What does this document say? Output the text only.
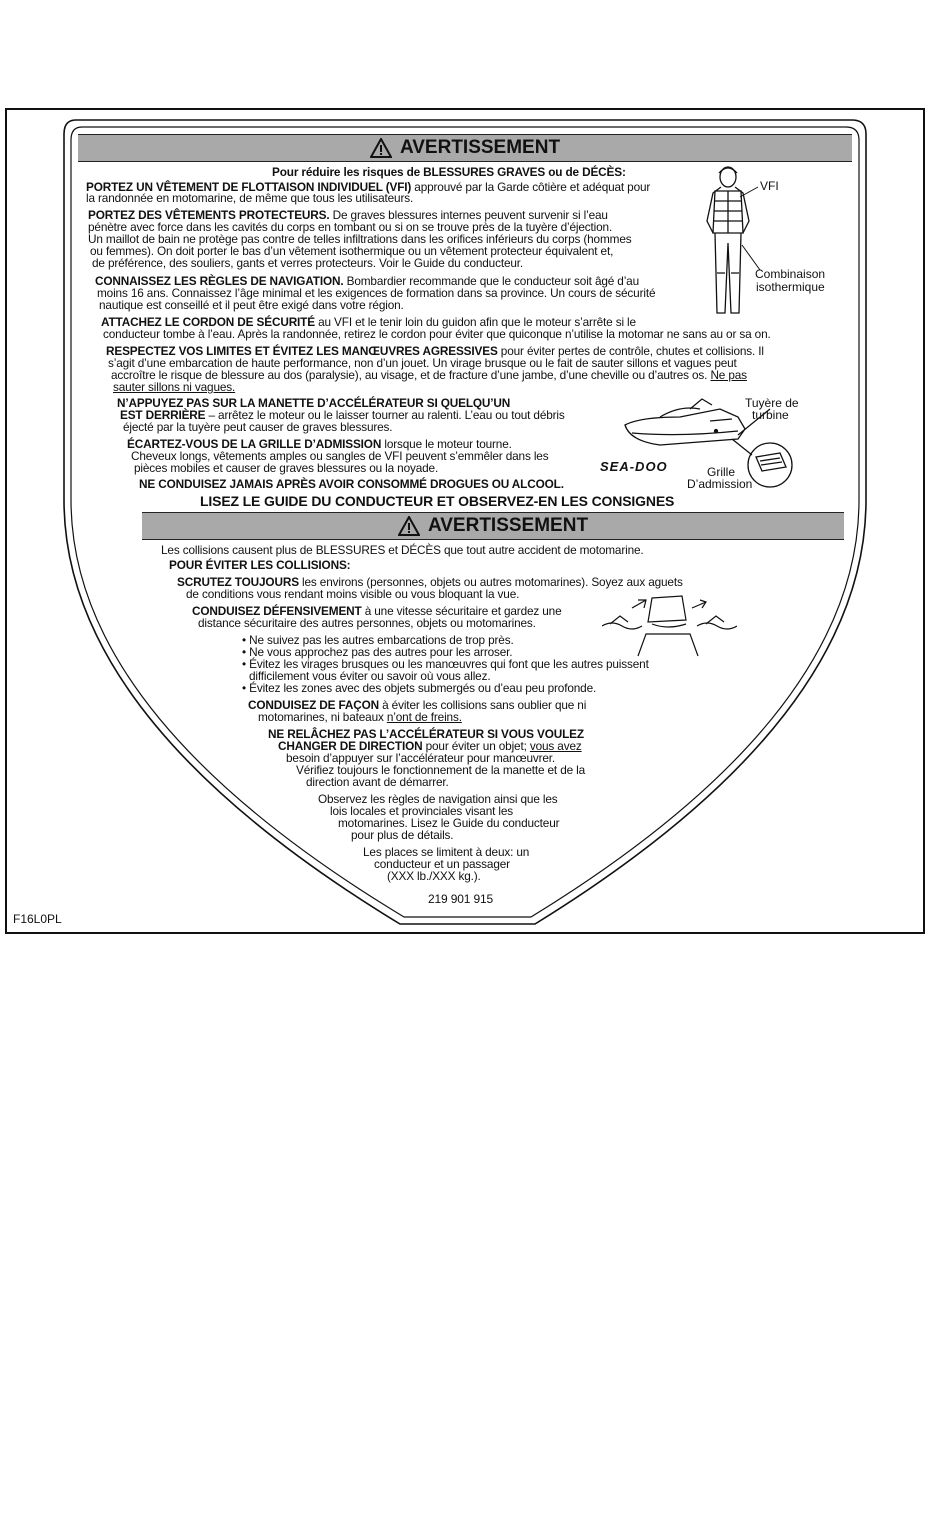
AVERTISSEMENT
Pour réduire les risques de BLESSURES GRAVES ou de DÉCÈS:
PORTEZ UN VÊTEMENT DE FLOTTAISON INDIVIDUEL (VFI) approuvé par la Garde côtière et adéquat pour
la randonnée en motomarine, de même que tous les utilisateurs.
PORTEZ DES VÊTEMENTS PROTECTEURS. De graves blessures internes peuvent survenir si l’eau
pénètre avec force dans les cavités du corps en tombant ou si on se trouve près de la tuyère d’éjection.
Un maillot de bain ne protège pas contre de telles infiltrations dans les orifices inférieurs du corps (hommes
ou femmes). On doit porter le bas d’un vêtement isothermique ou un vêtement protecteur équivalent et,
de préférence, des souliers, gants et verres protecteurs. Voir le Guide du conducteur.
CONNAISSEZ LES RÈGLES DE NAVIGATION. Bombardier recommande que le conducteur soit âgé d’au
moins 16 ans. Connaissez l’âge minimal et les exigences de formation dans sa province. Un cours de sécurité
nautique est conseillé et il peut être exigé dans votre région.
ATTACHEZ LE CORDON DE SÉCURITÉ au VFI et le tenir loin du guidon afin que le moteur s’arrête si le
conducteur tombe à l’eau. Après la randonnée, retirez le cordon pour éviter que quiconque n’utilise la motomar ne sans au or sa on.
RESPECTEZ VOS LIMITES ET ÉVITEZ LES MANŒUVRES AGRESSIVES pour éviter pertes de contrôle, chutes et collisions. Il
s’agit d’une embarcation de haute performance, non d’un jouet. Un virage brusque ou le fait de sauter sillons et vagues peut
accroître le risque de blessure au dos (paralysie), au visage, et de fracture d’une jambe, d’une cheville ou d’autres os. Ne pas
sauter sillons ni vagues.
N’APPUYEZ PAS SUR LA MANETTE D’ACCÉLÉRATEUR SI QUELQU’UN
EST DERRIÈRE – arrêtez le moteur ou le laisser tourner au ralenti. L’eau ou tout débris
éjecté par la tuyère peut causer de graves blessures.
ÉCARTEZ-VOUS DE LA GRILLE D’ADMISSION lorsque le moteur tourne.
Cheveux longs, vêtements amples ou sangles de VFI peuvent s’emmêler dans les
pièces mobiles et causer de graves blessures ou la noyade.
NE CONDUISEZ JAMAIS APRÈS AVOIR CONSOMMÉ DROGUES OU ALCOOL.
LISEZ LE GUIDE DU CONDUCTEUR ET OBSERVEZ-EN LES CONSIGNES
VFI
Combinaison
isothermique
SEA-DOO
Tuyère de
turbine
Grille
D’admission
AVERTISSEMENT
Les collisions causent plus de BLESSURES et DÉCÈS que tout autre accident de motomarine.
POUR ÉVITER LES COLLISIONS:
SCRUTEZ TOUJOURS les environs (personnes, objets ou autres motomarines). Soyez aux aguets
de conditions vous rendant moins visible ou vous bloquant la vue.
CONDUISEZ DÉFENSIVEMENT à une vitesse sécuritaire et gardez une
distance sécuritaire des autres personnes, objets ou motomarines.
• Ne suivez pas les autres embarcations de trop près.
• Ne vous approchez pas des autres pour les arroser.
• Évitez les virages brusques ou les manœuvres qui font que les autres puissent
difficilement vous éviter ou savoir où vous allez.
• Évitez les zones avec des objets submergés ou d’eau peu profonde.
CONDUISEZ DE FAÇON à éviter les collisions sans oublier que ni
motomarines, ni bateaux n’ont de freins.
NE RELÂCHEZ PAS L’ACCÉLÉRATEUR SI VOUS VOULEZ
CHANGER DE DIRECTION pour éviter un objet; vous avez
besoin d’appuyer sur l’accélérateur pour manœuvrer.
Vérifiez toujours le fonctionnement de la manette et de la
direction avant de démarrer.
Observez les règles de navigation ainsi que les
lois locales et provinciales visant les
motomarines. Lisez le Guide du conducteur
pour plus de détails.
Les places se limitent à deux: un
conducteur et un passager
(XXX lb./XXX kg.).
219 901 915
F16L0PL
